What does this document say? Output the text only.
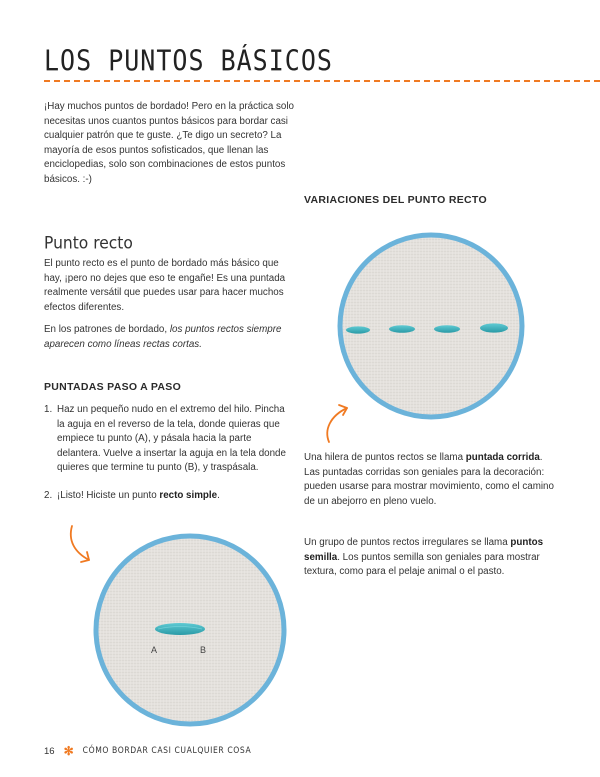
LOS PUNTOS BÁSICOS

¡Hay muchos puntos de bordado! Pero en la práctica solo necesitas unos cuantos puntos básicos para bordar casi cualquier patrón que te guste. ¿Te digo un secreto? La mayoría de esos puntos sofisticados, que llenan las enciclopedias, solo son combinaciones de estos puntos básicos. :-)

Punto recto

El punto recto es el punto de bordado más básico que hay, ¡pero no dejes que eso te engañe! Es una puntada realmente versátil que puedes usar para hacer muchos efectos diferentes.

En los patrones de bordado, los puntos rectos siempre aparecen como líneas rectas cortas.

PUNTADAS PASO A PASO
1. Haz un pequeño nudo en el extremo del hilo. Pincha la aguja en el reverso de la tela, donde quieras que empiece tu punto (A), y pásala hacia la parte delantera. Vuelve a insertar la aguja en la tela donde quieres que termine tu punto (B), y traspásala.
2. ¡Listo! Hiciste un punto recto simple.
VARIACIONES DEL PUNTO RECTO

Una hilera de puntos rectos se llama puntada corrida. Las puntadas corridas son geniales para la decoración: pueden usarse para mostrar movimiento, como el camino de un abejorro en pleno vuelo.

Un grupo de puntos rectos irregulares se llama puntos semilla. Los puntos semilla son geniales para mostrar textura, como para el pelaje animal o el pasto.

A	B
16 ✻ CÓMO BORDAR CASI CUALQUIER COSA
